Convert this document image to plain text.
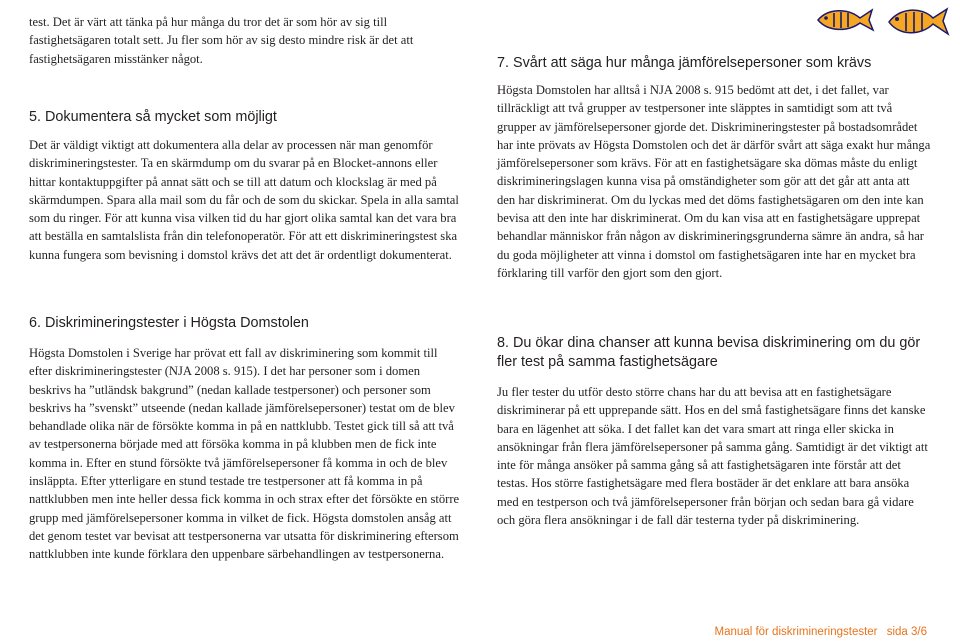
test. Det är värt att tänka på hur många du tror det är som hör av sig till fastighetsägaren totalt sett. Ju fler som hör av sig desto mindre risk är det att fastighetsägaren misstänker något.

5. Dokumentera så mycket som möjligt

Det är väldigt viktigt att dokumentera alla delar av processen när man genomför diskrimineringstester. Ta en skärmdump om du svarar på en Blocket-annons eller hittar kontaktuppgifter på annat sätt och se till att datum och klockslag är med på skärmdumpen. Spara alla mail som du får och de som du skickar. Spela in alla samtal som du ringer. För att kunna visa vilken tid du har gjort olika samtal kan det vara bra att beställa en samtalslista från din telefonoperatör. För att ett diskrimineringstest ska kunna fungera som bevisning i domstol krävs det att det är ordentligt dokumenterat.

6. Diskrimineringstester i Högsta Domstolen

Högsta Domstolen i Sverige har prövat ett fall av diskriminering som kommit till efter diskrimineringstester (NJA 2008 s. 915). I det har personer som i domen beskrivs ha ”utländsk bakgrund” (nedan kallade testpersoner) och personer som beskrivs ha ”svenskt” utseende (nedan kallade jämförelsepersoner) testat om de blev behandlade olika när de försökte komma in på en nattklubb. Testet gick till så att två av testpersonerna började med att försöka komma in på klubben men de fick inte komma in. Efter en stund försökte två jämförelsepersoner få komma in och de blev insläppta. Efter ytterligare en stund testade tre testpersoner att få komma in på nattklubben men inte heller dessa fick komma in och strax efter det försökte en större grupp med jämförelsepersoner komma in vilket de fick. Högsta domstolen ansåg att det genom testet var bevisat att testpersonerna var utsatta för diskriminering eftersom nattklubben inte kunde förklara den uppenbare särbehandlingen av testpersonerna.

7. Svårt att säga hur många jämförelsepersoner som krävs

Högsta Domstolen har alltså i NJA 2008 s. 915 bedömt att det, i det fallet, var tillräckligt att två grupper av testpersoner inte släpptes in samtidigt som att två grupper av jämförelsepersoner gjorde det. Diskrimineringstester på bostadsområdet har inte prövats av Högsta Domstolen och det är därför svårt att säga exakt hur många jämförelsepersoner som krävs. För att en fastighetsägare ska dömas måste du enligt diskrimineringslagen kunna visa på omständigheter som gör att det går att anta att den har diskriminerat. Om du lyckas med det döms fastighetsägaren om den inte kan bevisa att den inte har diskriminerat. Om du kan visa att en fastighetsägare upprepat behandlar människor från någon av diskrimineringsgrunderna sämre än andra, så har du goda möjligheter att vinna i domstol om fastighetsägaren inte har en mycket bra förklaring till varför den gjort som den gjort.

8. Du ökar dina chanser att kunna bevisa diskriminering om du gör fler test på samma fastighetsägare

Ju fler tester du utför desto större chans har du att bevisa att en fastighetsägare diskriminerar på ett upprepande sätt. Hos en del små fastighetsägare finns det kanske bara en lägenhet att söka. I det fallet kan det vara smart att ringa eller skicka in ansökningar från flera jämförelsepersoner på samma gång. Samtidigt är det viktigt att inte för många ansöker på samma gång så att fastighetsägaren inte förstår att det testas. Hos större fastighetsägare med flera bostäder är det enklare att bara ansöka med en testperson och två jämförelsepersoner från början och sedan bara gå vidare och göra flera ansökningar i de fall där testerna tyder på diskriminering.

Manual för diskrimineringstester sida 3/6
